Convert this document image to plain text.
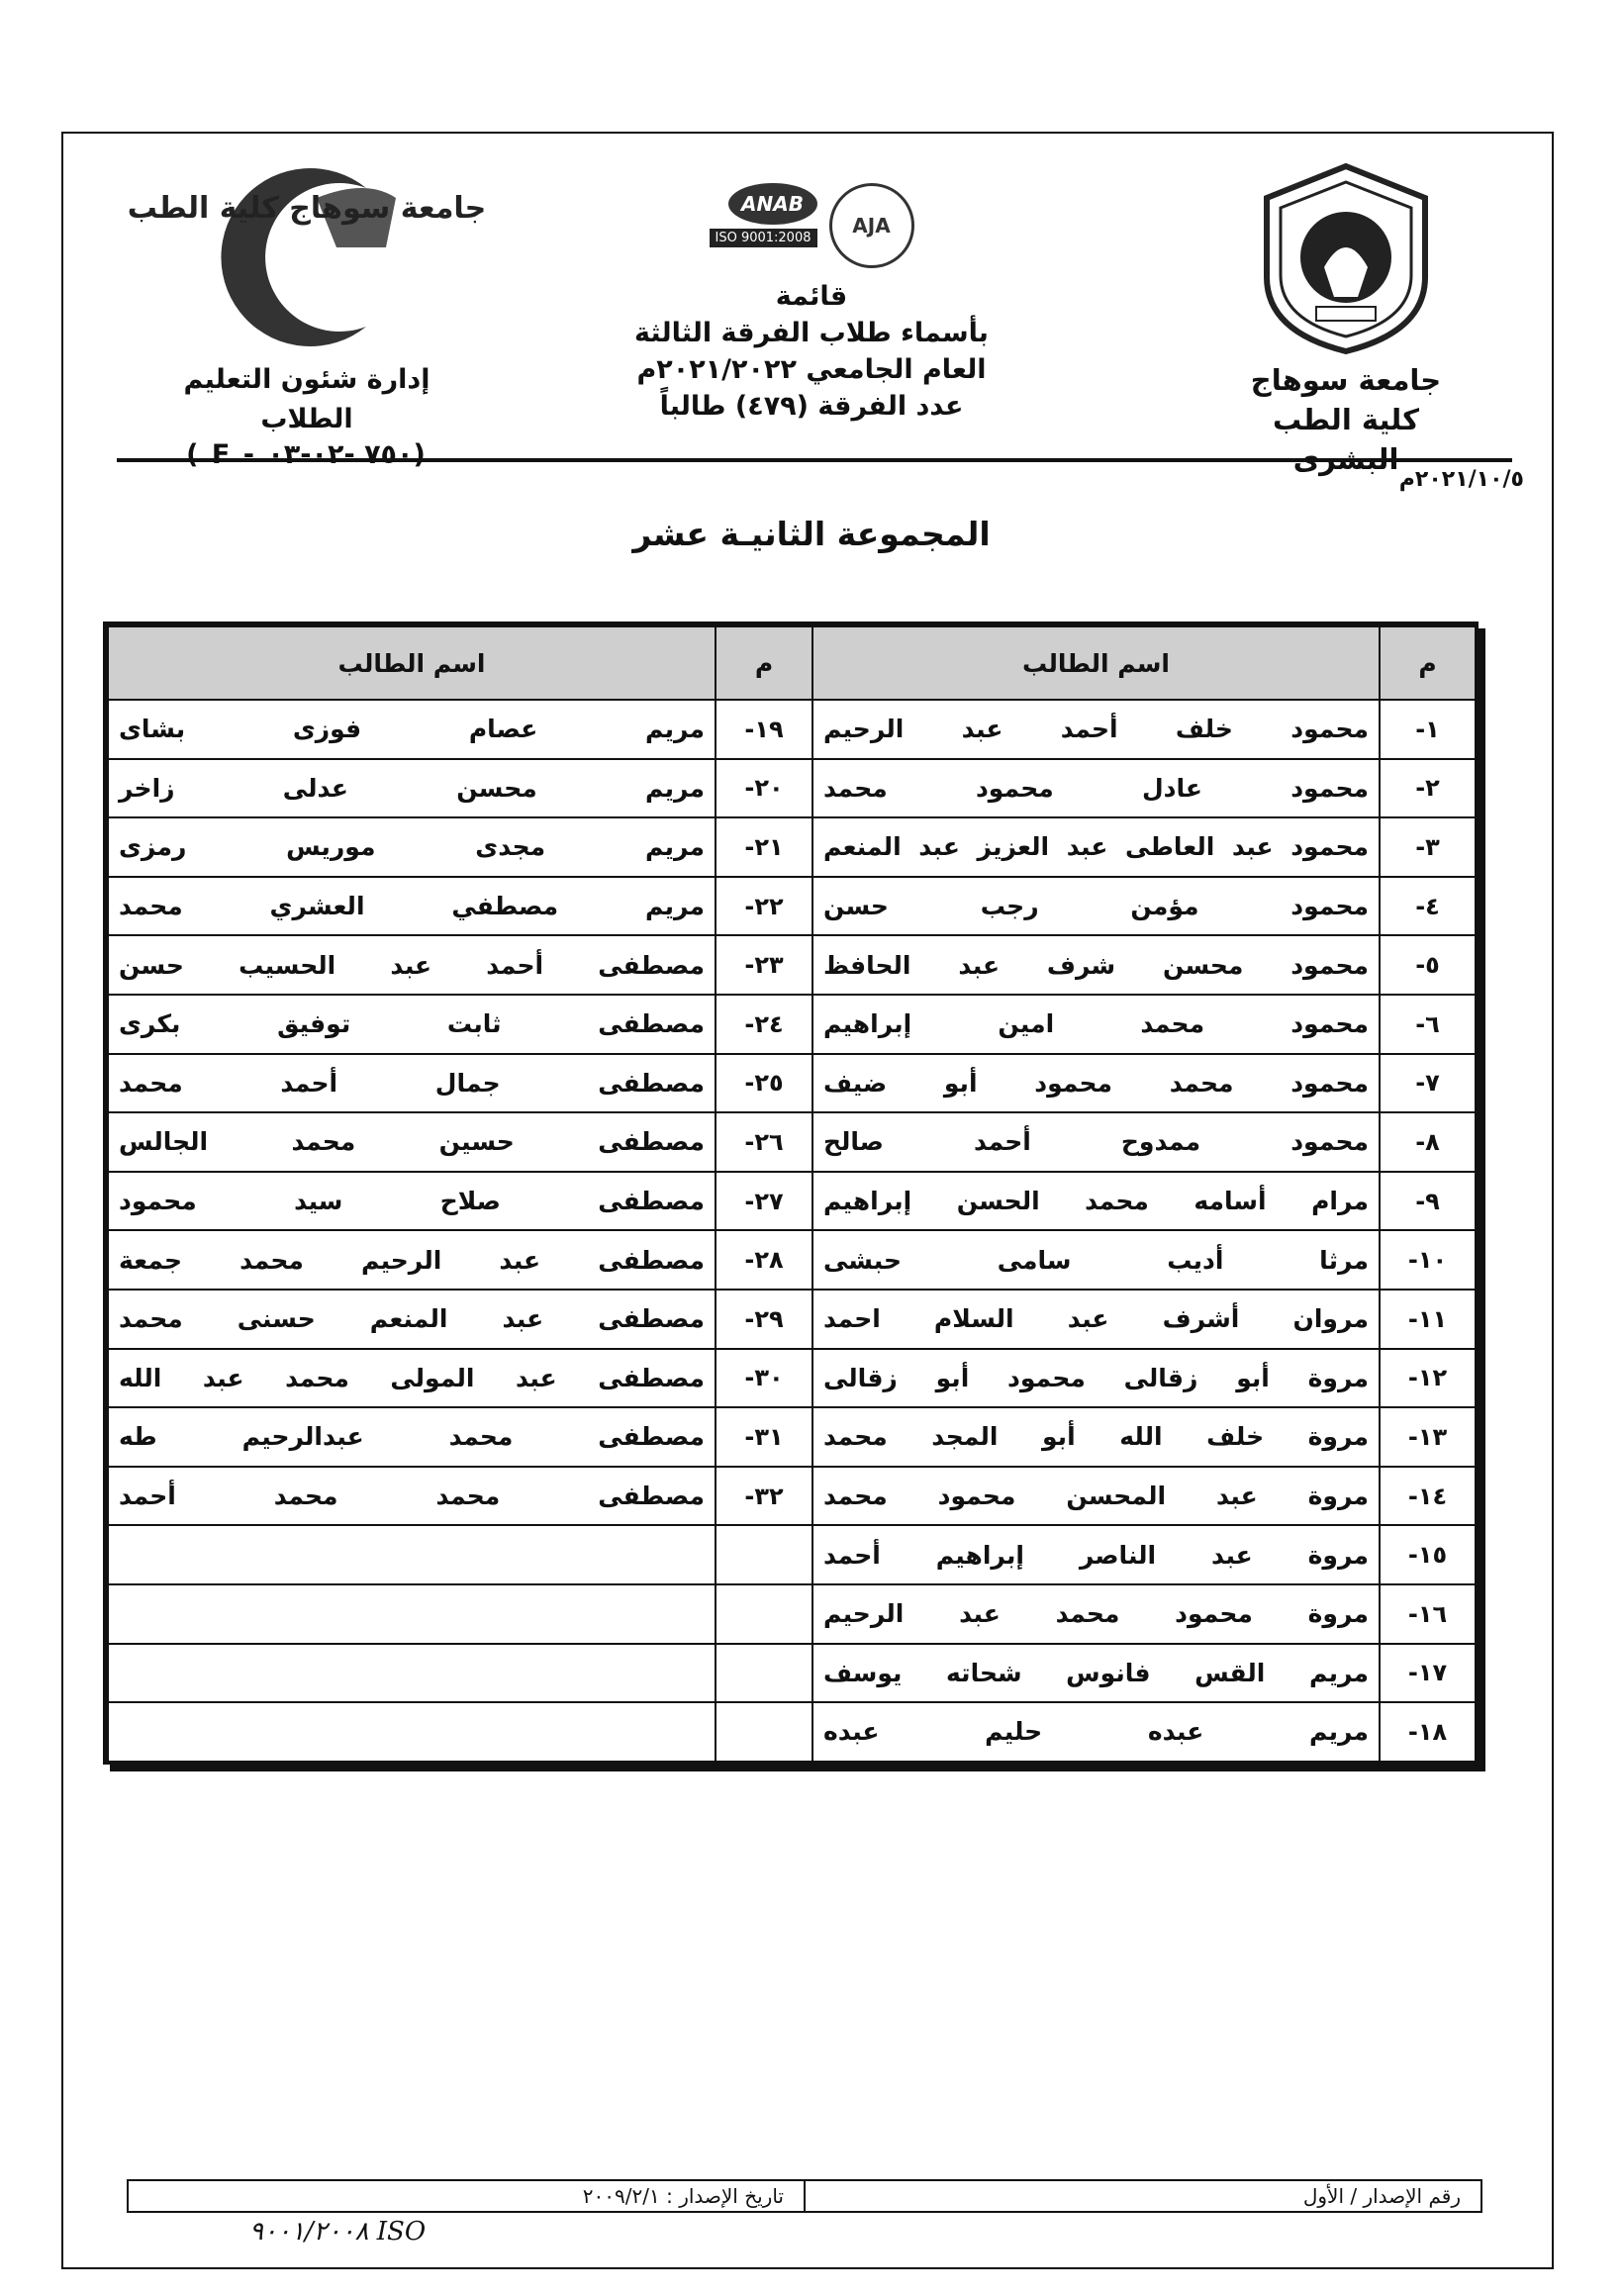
جامعة سوهاج
كلية الطب البشرى
AJA
ANAB
ISO 9001:2008
قائمة
بأسماء طلاب الفرقة الثالثة
العام الجامعي ٢٠٢١/٢٠٢٢م
عدد الفرقة (٤٧٩) طالباً
جامعة سوهاج كلية الطب
إدارة شئون التعليم الطلاب
( F - ٧٥٠ -٠٢-٠٣)
٢٠٢١/١٠/٥م
المجموعة الثانيـة عشر
م	اسم الطالب	م	اسم الطالب
١-	محمود خلف أحمد عبد الرحيم	١٩-	مريم عصام فوزى بشاى
٢-	محمود عادل محمود محمد	٢٠-	مريم محسن عدلى زاخر
٣-	محمود عبد العاطى عبد العزيز عبد المنعم	٢١-	مريم مجدى موريس رمزى
٤-	محمود مؤمن رجب حسن	٢٢-	مريم مصطفي العشري محمد
٥-	محمود محسن شرف عبد الحافظ	٢٣-	مصطفى أحمد عبد الحسيب حسن
٦-	محمود محمد امين إبراهيم	٢٤-	مصطفى ثابت توفيق بكرى
٧-	محمود محمد محمود أبو ضيف	٢٥-	مصطفى جمال أحمد محمد
٨-	محمود ممدوح أحمد صالح	٢٦-	مصطفى حسين محمد الجالس
٩-	مرام أسامه محمد الحسن إبراهيم	٢٧-	مصطفى صلاح سيد محمود
١٠-	مرثا أديب سامى حبشى	٢٨-	مصطفى عبد الرحيم محمد جمعة
١١-	مروان أشرف عبد السلام احمد	٢٩-	مصطفى عبد المنعم حسنى محمد
١٢-	مروة أبو زقالى محمود أبو زقالى	٣٠-	مصطفى عبد المولى محمد عبد الله
١٣-	مروة خلف الله أبو المجد محمد	٣١-	مصطفى محمد عبدالرحيم طه
١٤-	مروة عبد المحسن محمود محمد	٣٢-	مصطفى محمد محمد أحمد
١٥-	مروة عبد الناصر إبراهيم أحمد		
١٦-	مروة محمود محمد عبد الرحيم		
١٧-	مريم القس فانوس شحاته يوسف		
١٨-	مريم عبده حليم عبده		
رقم الإصدار / الأول
تاريخ الإصدار : ٢٠٠٩/٢/١
ISO ٩٠٠١/٢٠٠٨
